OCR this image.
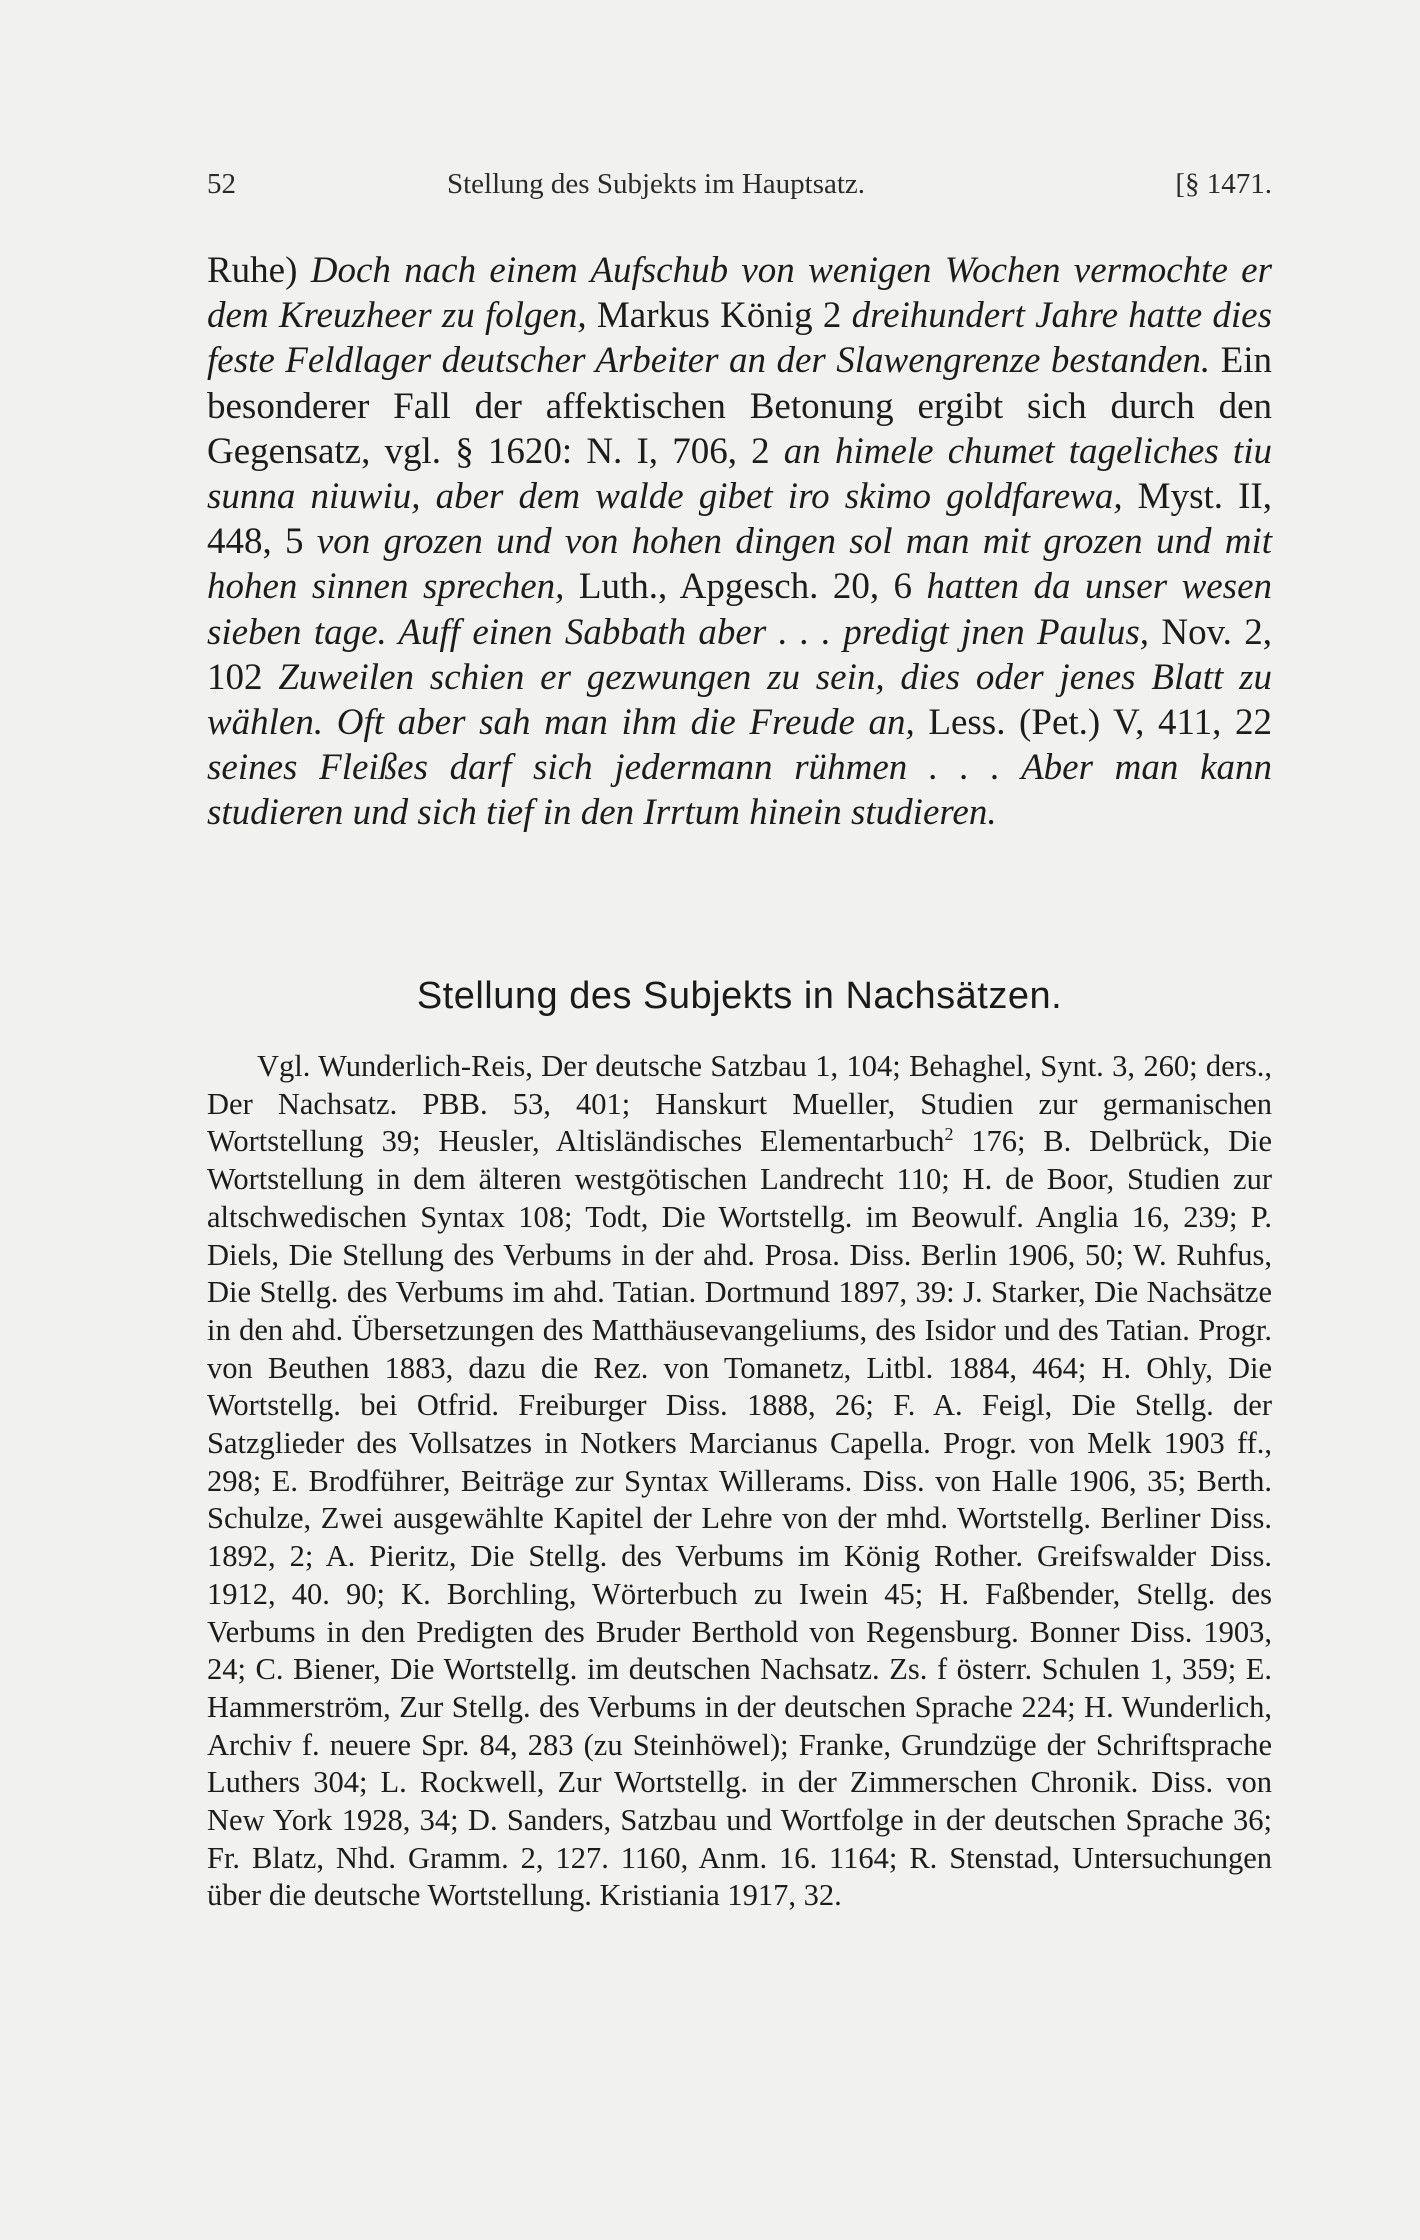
52	Stellung des Subjekts im Hauptsatz.	[§ 1471.
Ruhe) Doch nach einem Aufschub von wenigen Wochen vermochte er dem Kreuzheer zu folgen, Markus König 2 dreihundert Jahre hatte dies feste Feldlager deutscher Arbeiter an der Slawengrenze bestanden. Ein besonderer Fall der affektischen Betonung ergibt sich durch den Gegensatz, vgl. § 1620: N. I, 706, 2 an himele chumet tageliches tiu sunna niuwiu, aber dem walde gibet iro skimo goldfarewa, Myst. II, 448, 5 von grozen und von hohen dingen sol man mit grozen und mit hohen sinnen sprechen, Luth., Apgesch. 20, 6 hatten da unser wesen sieben tage. Auff einen Sabbath aber . . . predigt jnen Paulus, Nov. 2, 102 Zuweilen schien er gezwungen zu sein, dies oder jenes Blatt zu wählen. Oft aber sah man ihm die Freude an, Less. (Pet.) V, 411, 22 seines Fleißes darf sich jedermann rühmen . . . Aber man kann studieren und sich tief in den Irrtum hinein studieren.
Stellung des Subjekts in Nachsätzen.
Vgl. Wunderlich-Reis, Der deutsche Satzbau 1, 104; Behaghel, Synt. 3, 260; ders., Der Nachsatz. PBB. 53, 401; Hanskurt Mueller, Studien zur germanischen Wortstellung 39; Heusler, Altisländisches Elementarbuch$^2$ 176; B. Delbrück, Die Wortstellung in dem älteren westgötischen Landrecht 110; H. de Boor, Studien zur altschwedischen Syntax 108; Todt, Die Wortstellg. im Beowulf. Anglia 16, 239; P. Diels, Die Stellung des Verbums in der ahd. Prosa. Diss. Berlin 1906, 50; W. Ruhfus, Die Stellg. des Verbums im ahd. Tatian. Dortmund 1897, 39: J. Starker, Die Nachsätze in den ahd. Übersetzungen des Matthäusevangeliums, des Isidor und des Tatian. Progr. von Beuthen 1883, dazu die Rez. von Tomanetz, Litbl. 1884, 464; H. Ohly, Die Wortstellg. bei Otfrid. Freiburger Diss. 1888, 26; F. A. Feigl, Die Stellg. der Satzglieder des Vollsatzes in Notkers Marcianus Capella. Progr. von Melk 1903 ff., 298; E. Brodführer, Beiträge zur Syntax Willerams. Diss. von Halle 1906, 35; Berth. Schulze, Zwei ausgewählte Kapitel der Lehre von der mhd. Wortstellg. Berliner Diss. 1892, 2; A. Pieritz, Die Stellg. des Verbums im König Rother. Greifswalder Diss. 1912, 40. 90; K. Borchling, Wörterbuch zu Iwein 45; H. Faßbender, Stellg. des Verbums in den Predigten des Bruder Berthold von Regensburg. Bonner Diss. 1903, 24; C. Biener, Die Wortstellg. im deutschen Nachsatz. Zs. f österr. Schulen 1, 359; E. Hammerström, Zur Stellg. des Verbums in der deutschen Sprache 224; H. Wunderlich, Archiv f. neuere Spr. 84, 283 (zu Steinhöwel); Franke, Grundzüge der Schriftsprache Luthers 304; L. Rockwell, Zur Wortstellg. in der Zimmerschen Chronik. Diss. von New York 1928, 34; D. Sanders, Satzbau und Wortfolge in der deutschen Sprache 36; Fr. Blatz, Nhd. Gramm. 2, 127. 1160, Anm. 16. 1164; R. Stenstad, Untersuchungen über die deutsche Wortstellung. Kristiania 1917, 32.
